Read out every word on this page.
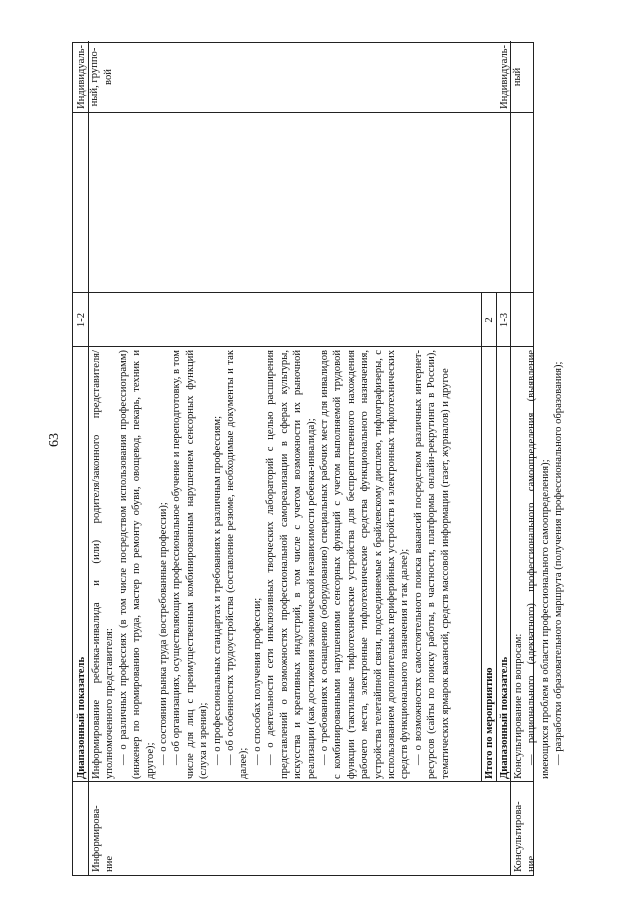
63
Диапазонный показатель
Информирова-
ние

Информирование ребенка-инвалида и (или) родителя/законного представителя/уполномоченного представителя: — о различных профессиях (в том числе посредством использования профессиограмм) (инженер по нормированию труда, мастер по ремонту обуви, овощевод, пекарь, техник и другое); — о состоянии рынка труда (востребованные профессии); — об организациях, осуществляющих профессиональное обучение и переподготовку, в том числе для лиц с преимущественным комбинированным нарушением сенсорных функций (слуха и зрения); — о профессиональных стандартах и требованиях к различным профессиям; — об особенностях трудоустройства (составление резюме, необходимые документы и так далее); — о способах получения профессии; — о деятельности сети инклюзивных творческих лабораторий с целью расширения представлений о возможностях профессиональной самореализации в сферах культуры, искусства и креативных индустрий, в том числе с учетом возможности их рыночной реализации (как достижения экономической независимости ребенка-инвалида); — о требованиях к оснащению (оборудованию) специальных рабочих мест для инвалидов с комбинированными нарушениями сенсорных функций с учетом выполняемой трудовой функции (тактильные тифлотехнические устройства для беспрепятственного нахождения рабочего места, электронные тифлотехнические средства функционального назначения, устройства телетайпной связи, подсоединяемые к брайлевскому дисплею, тифлографизеры, с использованием дополнительных периферийных устройств и электронных тифлотехнических средств функционального назначения и так далее); — о возможностях самостоятельного поиска вакансий посредством различных интернет-ресурсов (сайты по поиску работы, в частности, платформы онлайн-рекрутинга в России), тематических ярмарок вакансий, средств массовой информации (газет, журналов) и другое

1-2
Индивидуаль-
ный, группо-
вой
Итого по мероприятию
2
Диапазонный показатель
1-3
Консультирова-
ние

Консультирование по вопросам: — рационального (адекватного) профессионального самоопределения (выявление имеющихся проблем в области профессионального самоопределения); — разработки образовательного маршрута (получения профессионального образования);

Индивидуаль-
ный
